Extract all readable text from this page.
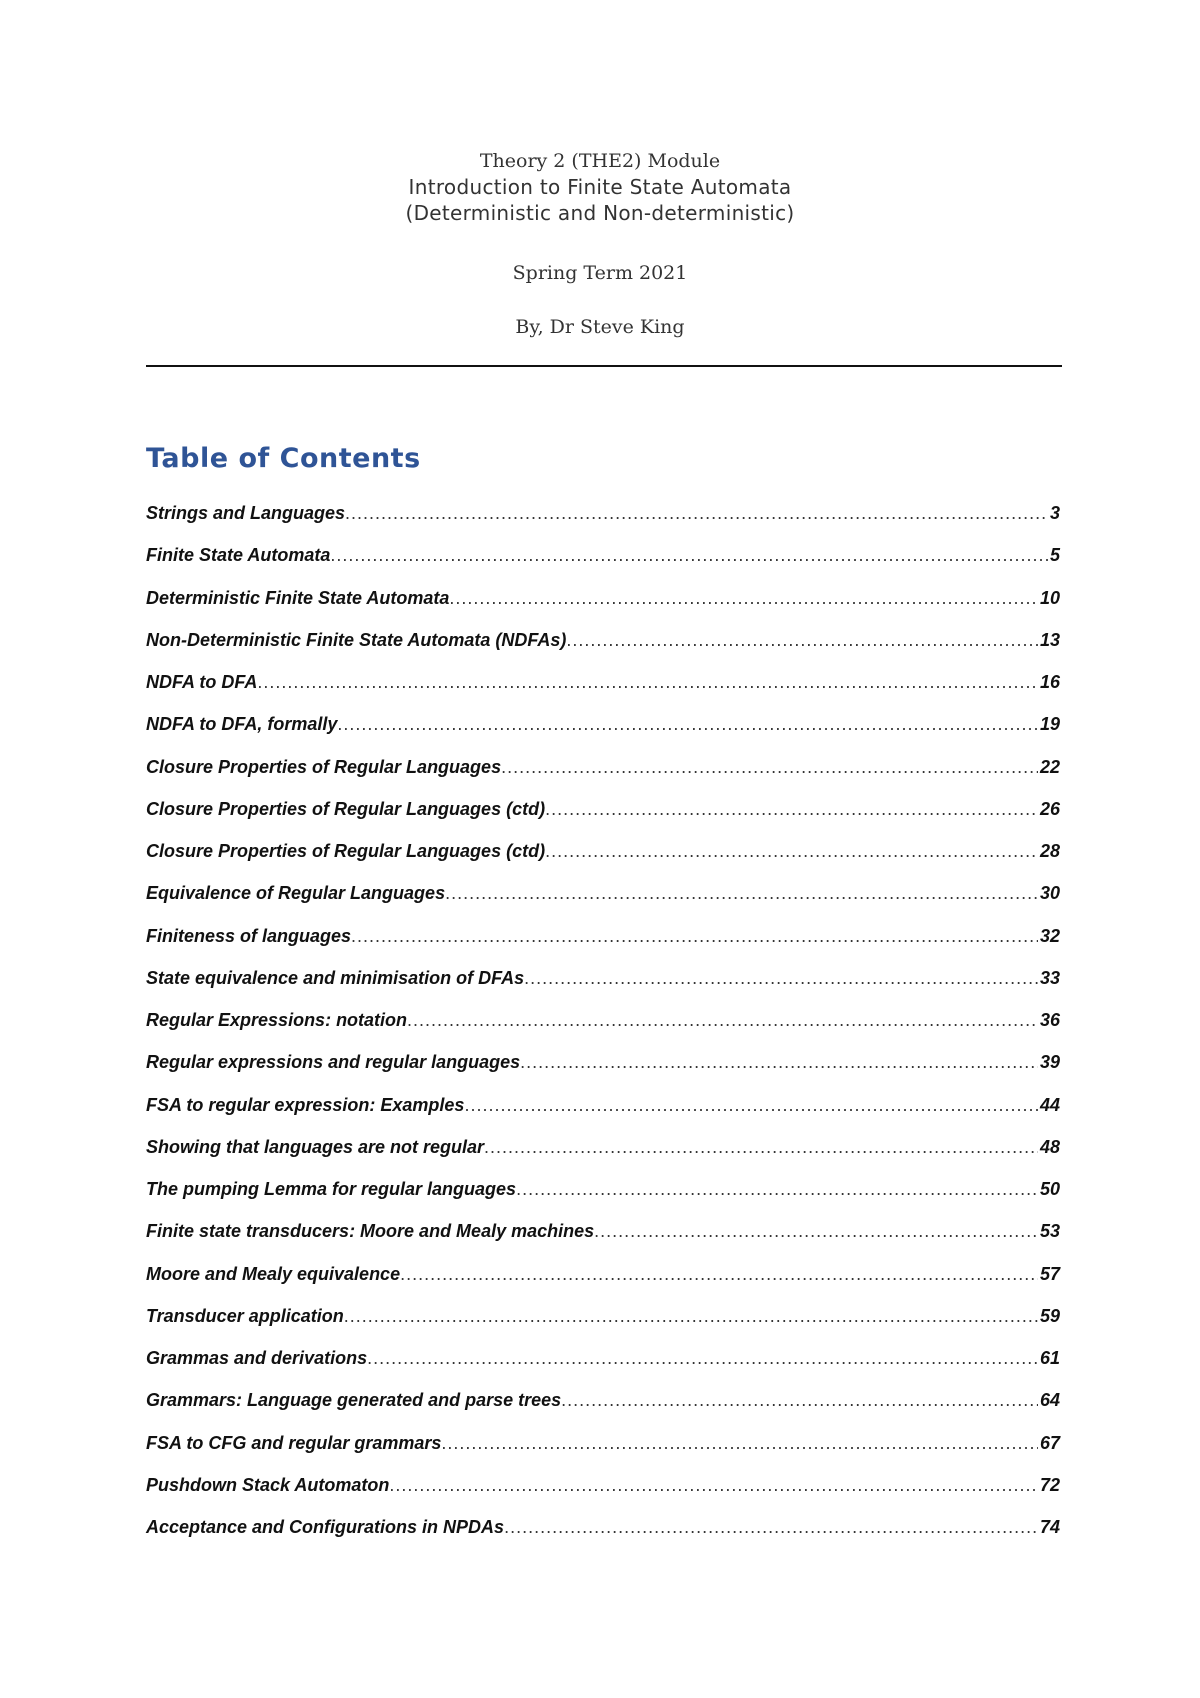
Theory 2 (THE2) Module
Introduction to Finite State Automata
(Deterministic and Non-deterministic)
Spring Term 2021
By, Dr Steve King
Table of Contents
Strings and Languages .....	3
Finite State Automata .....	5
Deterministic Finite State Automata .....	10
Non-Deterministic Finite State Automata (NDFAs) .....	13
NDFA to DFA .....	16
NDFA to DFA, formally .....	19
Closure Properties of Regular Languages .....	22
Closure Properties of Regular Languages (ctd) .....	26
Closure Properties of Regular Languages (ctd) .....	28
Equivalence of Regular Languages .....	30
Finiteness of languages .....	32
State equivalence and minimisation of DFAs .....	33
Regular Expressions: notation .....	36
Regular expressions and regular languages .....	39
FSA to regular expression: Examples .....	44
Showing that languages are not regular .....	48
The pumping Lemma for regular languages .....	50
Finite state transducers: Moore and Mealy machines .....	53
Moore and Mealy equivalence .....	57
Transducer application .....	59
Grammas and derivations .....	61
Grammars: Language generated and parse trees .....	64
FSA to CFG and regular grammars .....	67
Pushdown Stack Automaton .....	72
Acceptance and Configurations in NPDAs .....	74
